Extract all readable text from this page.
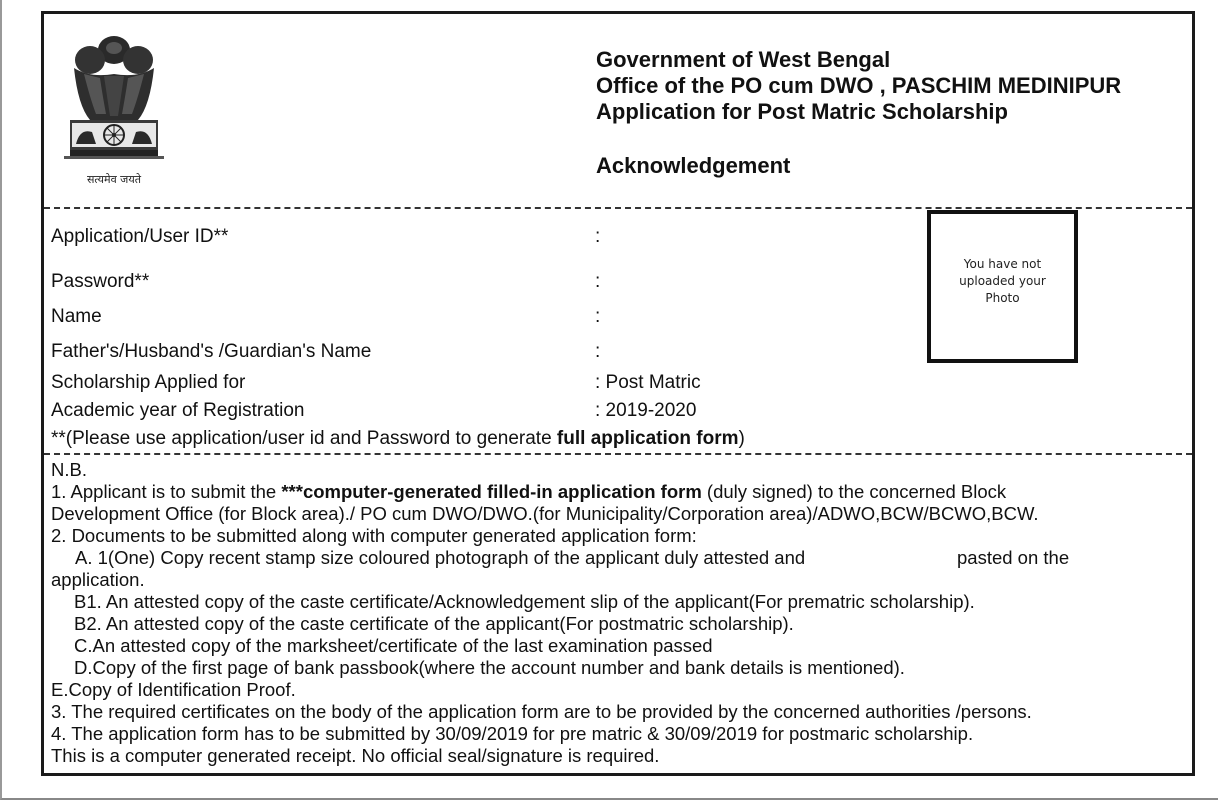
सत्यमेव जयते
Government of West Bengal
Office of the PO cum DWO , PASCHIM MEDINIPUR
Application for Post Matric Scholarship
Acknowledgement
Application/User ID**	:
Password**	:
Name	:
Father's/Husband's /Guardian's Name	:
Scholarship Applied for	: Post Matric
Academic year of Registration	: 2019-2020
You have not
uploaded your
Photo
**(Please use application/user id and Password to generate full application form)
N.B.
1. Applicant is to submit the ***computer-generated filled-in application form (duly signed) to the concerned Block
Development Office (for Block area)./ PO cum DWO/DWO.(for Municipality/Corporation area)/ADWO,BCW/BCWO,BCW.
2. Documents to be submitted along with computer generated application form:
A. 1(One) Copy recent stamp size coloured photograph of the applicant duly attested and	pasted on the
application.
B1. An attested copy of the caste certificate/Acknowledgement slip of the applicant(For prematric scholarship).
B2. An attested copy of the caste certificate of the applicant(For postmatric scholarship).
C.An attested copy of the marksheet/certificate of the last examination passed
D.Copy of the first page of bank passbook(where the account number and bank details is mentioned).
E.Copy of Identification Proof.
3. The required certificates on the body of the application form are to be provided by the concerned authorities /persons.
4. The application form has to be submitted by 30/09/2019 for pre matric & 30/09/2019 for postmaric scholarship.
This is a computer generated receipt. No official seal/signature is required.
